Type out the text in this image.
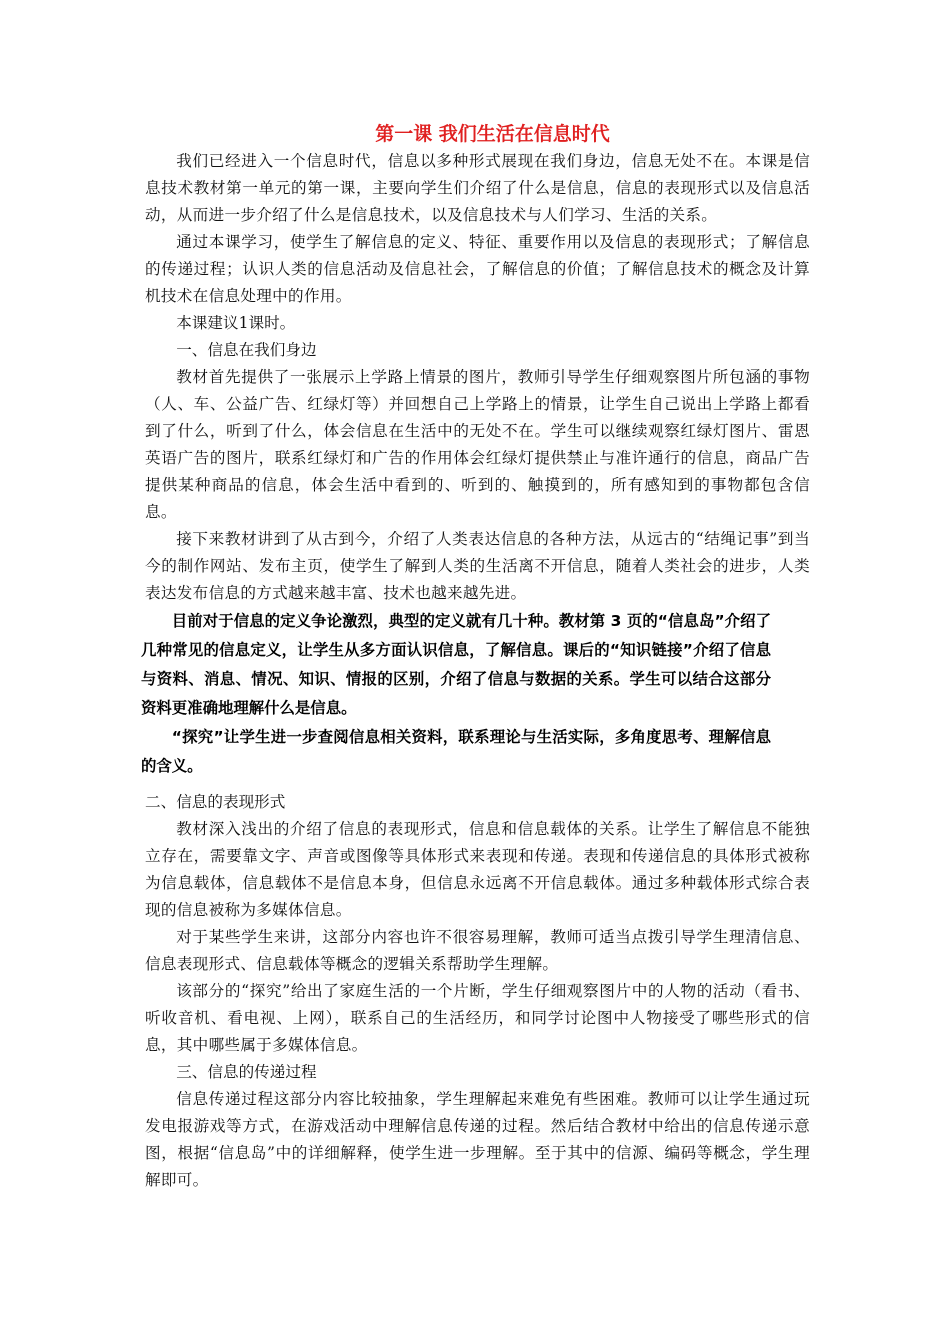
第一课 我们生活在信息时代

我们已经进入一个信息时代，信息以多种形式展现在我们身边，信息无处不在。本课是信息技术教材第一单元的第一课，主要向学生们介绍了什么是信息，信息的表现形式以及信息活动，从而进一步介绍了什么是信息技术，以及信息技术与人们学习、生活的关系。

通过本课学习，使学生了解信息的定义、特征、重要作用以及信息的表现形式；了解信息的传递过程；认识人类的信息活动及信息社会，了解信息的价值；了解信息技术的概念及计算机技术在信息处理中的作用。

本课建议1课时。

一、信息在我们身边

教材首先提供了一张展示上学路上情景的图片，教师引导学生仔细观察图片所包涵的事物（人、车、公益广告、红绿灯等）并回想自己上学路上的情景，让学生自己说出上学路上都看到了什么，听到了什么，体会信息在生活中的无处不在。学生可以继续观察红绿灯图片、雷恩英语广告的图片，联系红绿灯和广告的作用体会红绿灯提供禁止与准许通行的信息，商品广告提供某种商品的信息，体会生活中看到的、听到的、触摸到的，所有感知到的事物都包含信息。

接下来教材讲到了从古到今，介绍了人类表达信息的各种方法，从远古的“结绳记事”到当今的制作网站、发布主页，使学生了解到人类的生活离不开信息，随着人类社会的进步，人类表达发布信息的方式越来越丰富、技术也越来越先进。

目前对于信息的定义争论激烈，典型的定义就有几十种。教材第 3 页的“信息岛”介绍了几种常见的信息定义，让学生从多方面认识信息，了解信息。课后的“知识链接”介绍了信息与资料、消息、情况、知识、情报的区别，介绍了信息与数据的关系。学生可以结合这部分资料更准确地理解什么是信息。

“探究”让学生进一步查阅信息相关资料，联系理论与生活实际，多角度思考、理解信息的含义。

二、信息的表现形式

教材深入浅出的介绍了信息的表现形式，信息和信息载体的关系。让学生了解信息不能独立存在，需要靠文字、声音或图像等具体形式来表现和传递。表现和传递信息的具体形式被称为信息载体，信息载体不是信息本身，但信息永远离不开信息载体。通过多种载体形式综合表现的信息被称为多媒体信息。

对于某些学生来讲，这部分内容也许不很容易理解，教师可适当点拨引导学生理清信息、信息表现形式、信息载体等概念的逻辑关系帮助学生理解。

该部分的“探究”给出了家庭生活的一个片断，学生仔细观察图片中的人物的活动（看书、听收音机、看电视、上网），联系自己的生活经历，和同学讨论图中人物接受了哪些形式的信息，其中哪些属于多媒体信息。

三、信息的传递过程

信息传递过程这部分内容比较抽象，学生理解起来难免有些困难。教师可以让学生通过玩发电报游戏等方式，在游戏活动中理解信息传递的过程。然后结合教材中给出的信息传递示意图，根据“信息岛”中的详细解释，使学生进一步理解。至于其中的信源、编码等概念，学生理解即可。
